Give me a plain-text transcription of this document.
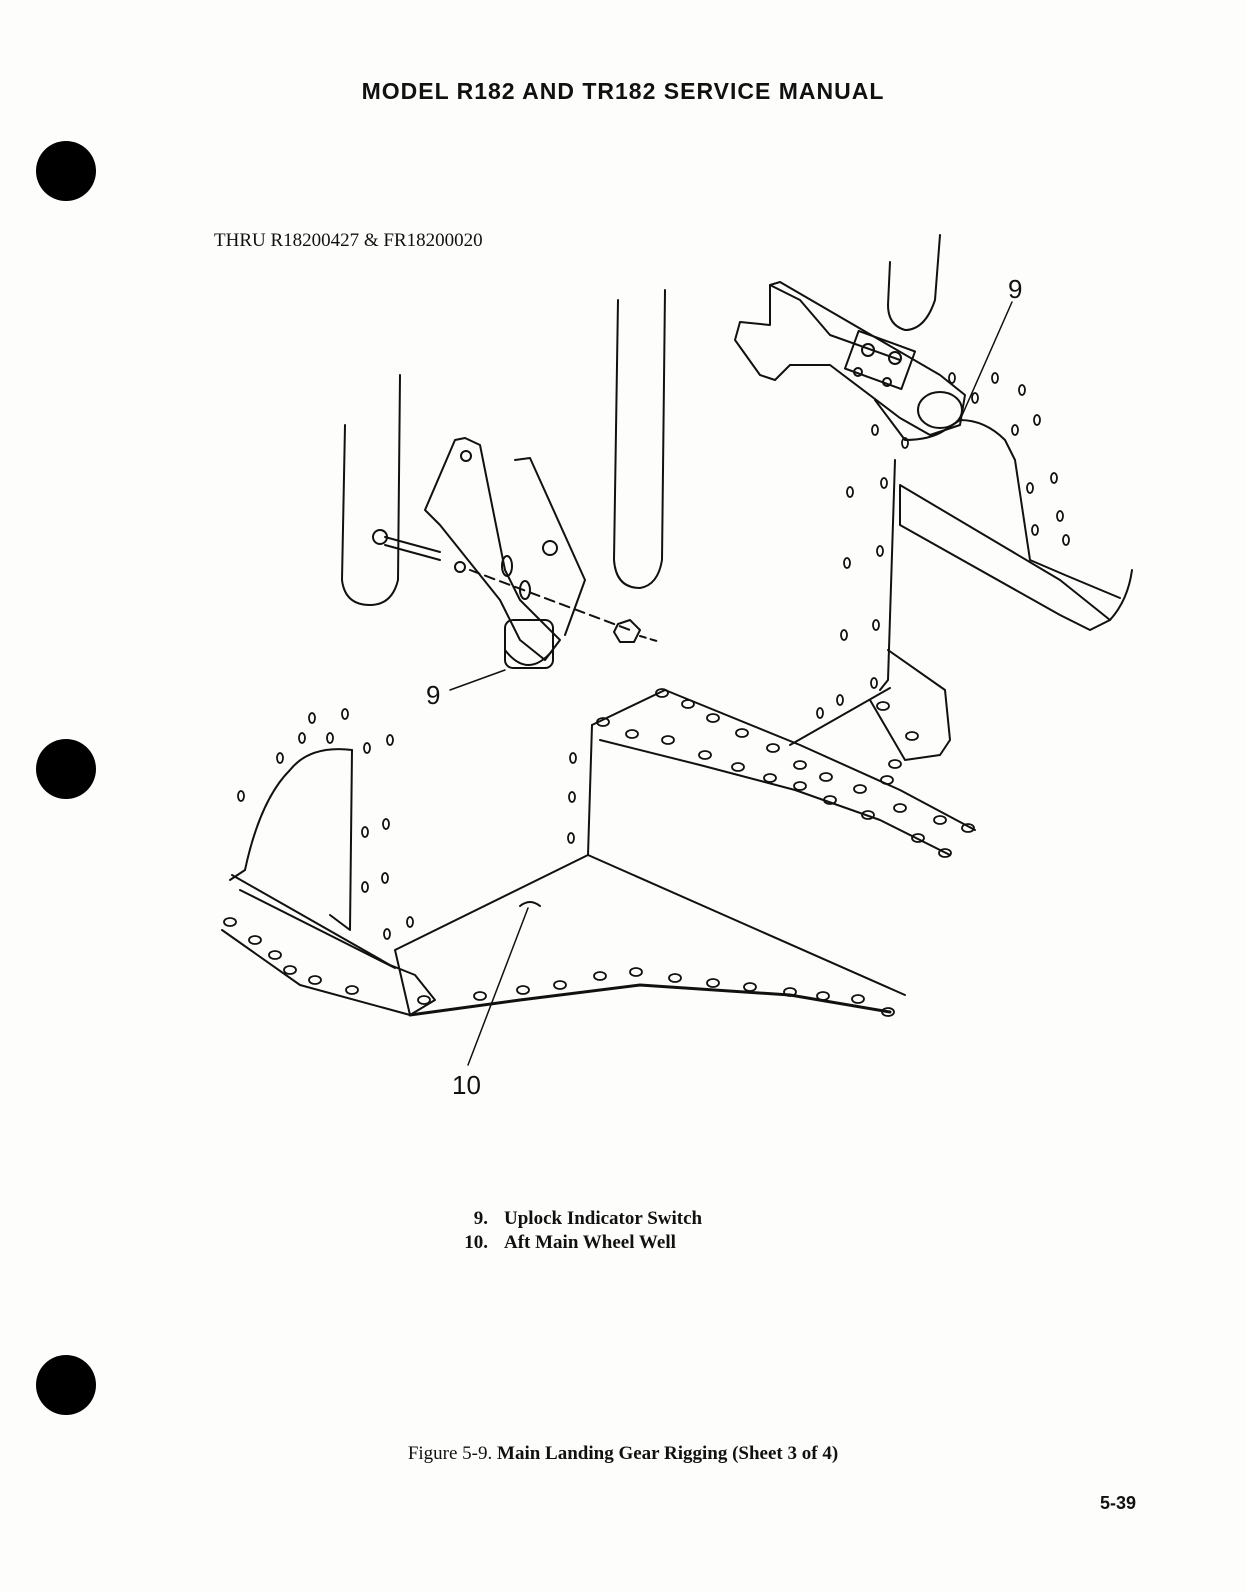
MODEL R182 AND TR182 SERVICE MANUAL
THRU R18200427 & FR18200020
9
9
10
9. Uplock Indicator Switch
10. Aft Main Wheel Well
Figure 5-9. Main Landing Gear Rigging (Sheet 3 of 4)
5-39
